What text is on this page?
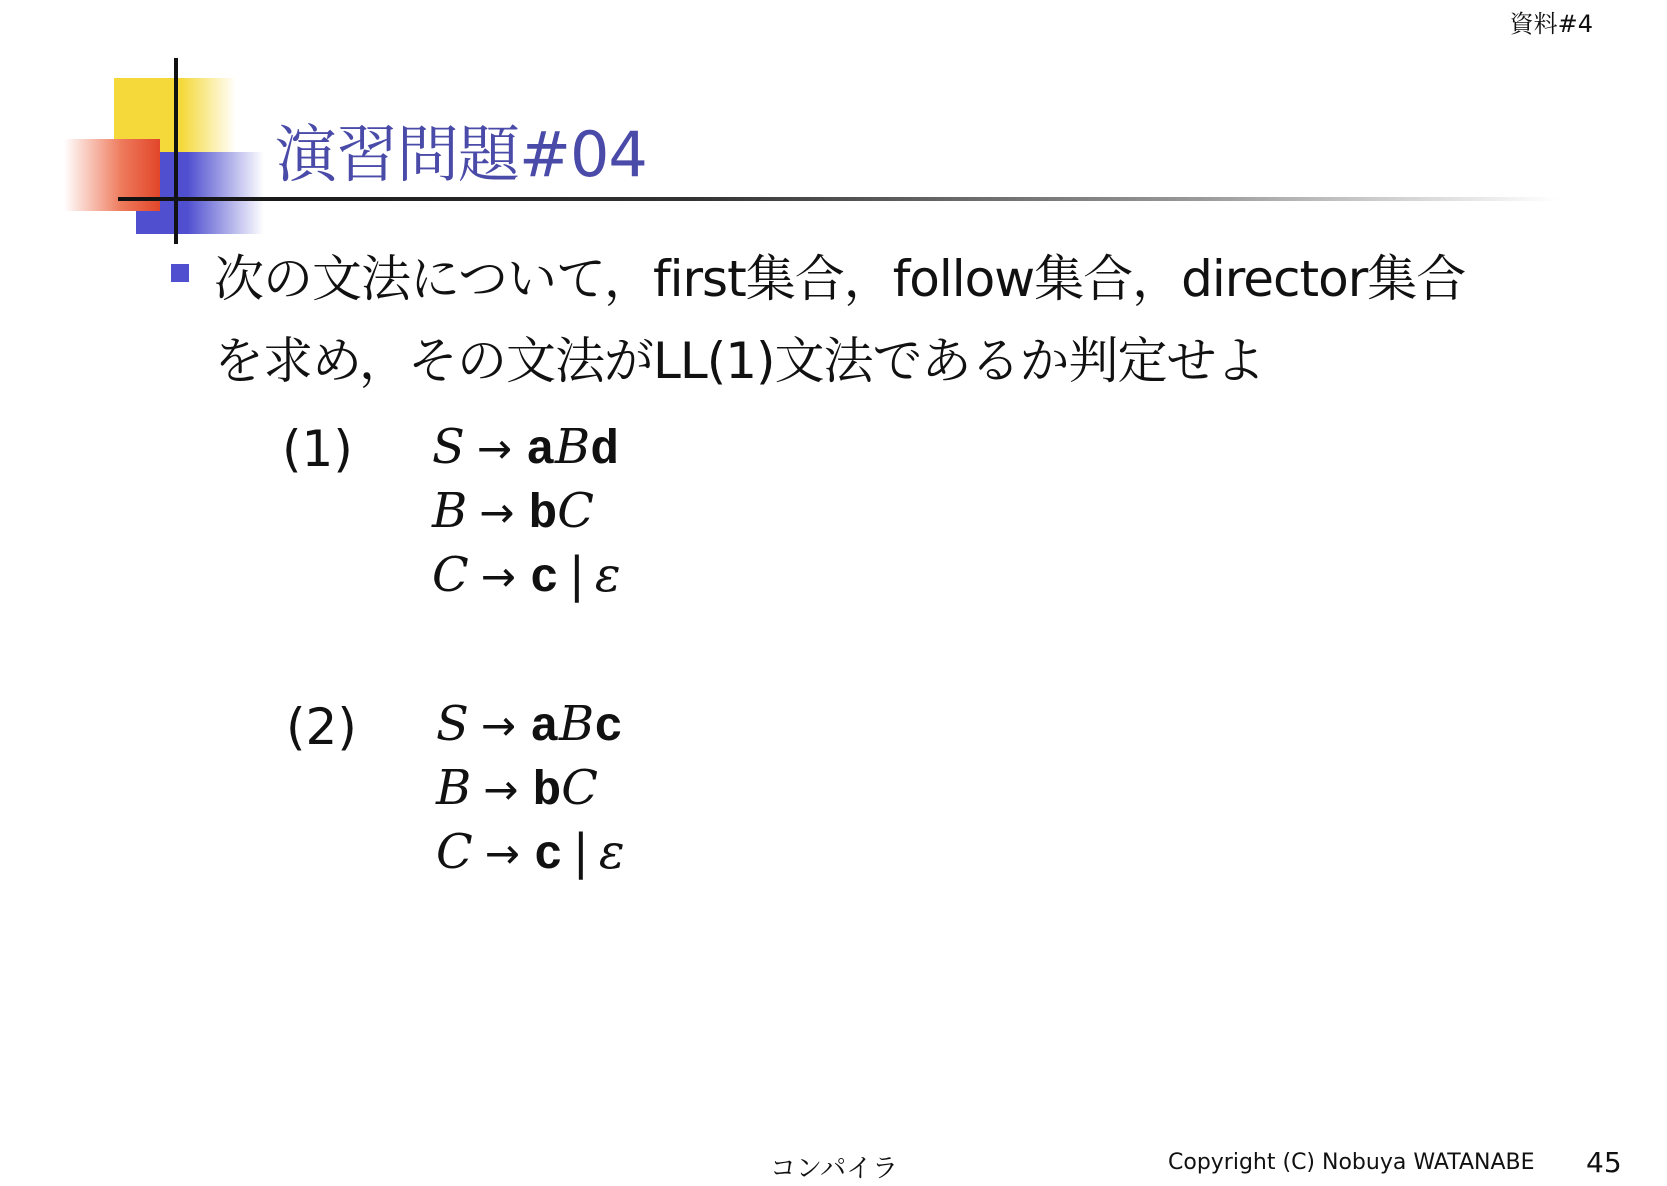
資料#4
演習問題#04

次の文法について，first集合，follow集合，director集合
を求め，その文法がLL(1)文法であるか判定せよ

(1) S → aBd
B → bC
C → c | ε
(2) S → aBc
B → bC
C → c | ε
コンパイラ	Copyright (C) Nobuya WATANABE 45
